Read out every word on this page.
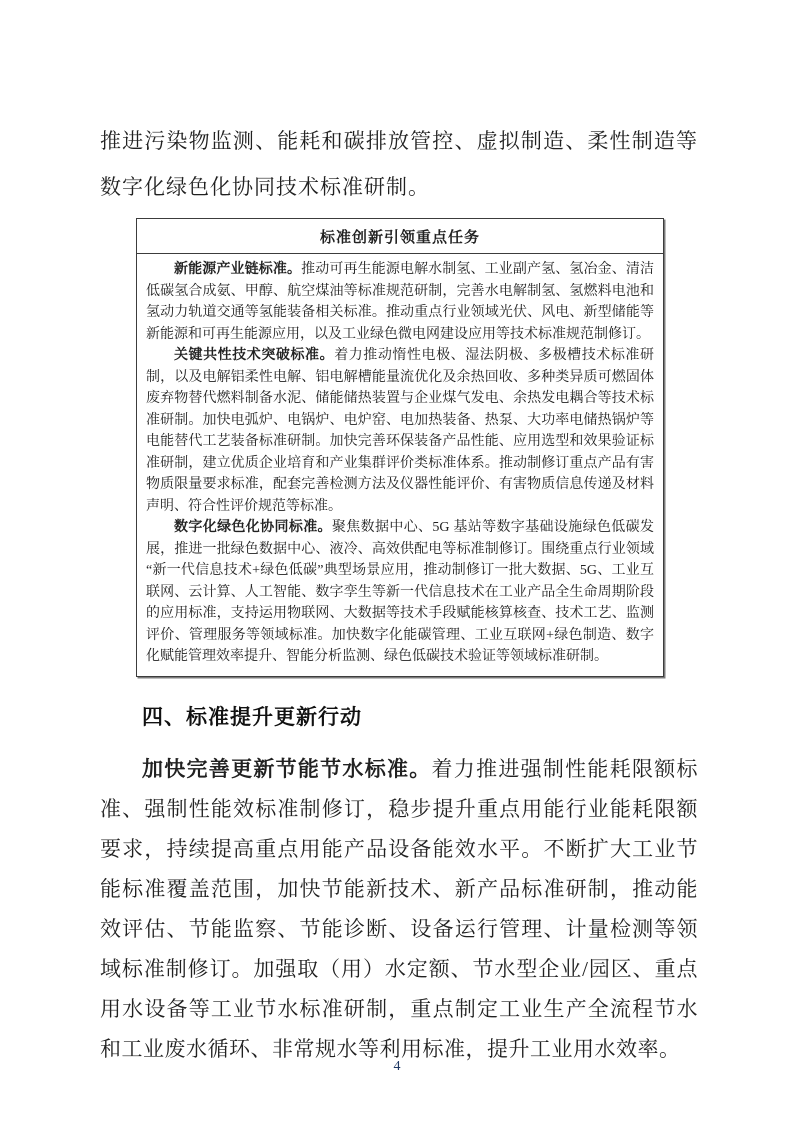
推进污染物监测、能耗和碳排放管控、虚拟制造、柔性制造等数字化绿色化协同技术标准研制。

标准创新引领重点任务

新能源产业链标准。推动可再生能源电解水制氢、工业副产氢、氢冶金、清洁低碳氢合成氨、甲醇、航空煤油等标准规范研制，完善水电解制氢、氢燃料电池和氢动力轨道交通等氢能装备相关标准。推动重点行业领域光伏、风电、新型储能等新能源和可再生能源应用，以及工业绿色微电网建设应用等技术标准规范制修订。

关键共性技术突破标准。着力推动惰性电极、湿法阴极、多极槽技术标准研制，以及电解铝柔性电解、铝电解槽能量流优化及余热回收、多种类异质可燃固体废弃物替代燃料制备水泥、储能储热装置与企业煤气发电、余热发电耦合等技术标准研制。加快电弧炉、电锅炉、电炉窑、电加热装备、热泵、大功率电储热锅炉等电能替代工艺装备标准研制。加快完善环保装备产品性能、应用选型和效果验证标准研制，建立优质企业培育和产业集群评价类标准体系。推动制修订重点产品有害物质限量要求标准，配套完善检测方法及仪器性能评价、有害物质信息传递及材料声明、符合性评价规范等标准。

数字化绿色化协同标准。聚焦数据中心、5G 基站等数字基础设施绿色低碳发展，推进一批绿色数据中心、液冷、高效供配电等标准制修订。围绕重点行业领域“新一代信息技术+绿色低碳”典型场景应用，推动制修订一批大数据、5G、工业互联网、云计算、人工智能、数字孪生等新一代信息技术在工业产品全生命周期阶段的应用标准，支持运用物联网、大数据等技术手段赋能核算核查、技术工艺、监测评价、管理服务等领域标准。加快数字化能碳管理、工业互联网+绿色制造、数字化赋能管理效率提升、智能分析监测、绿色低碳技术验证等领域标准研制。

四、标准提升更新行动

加快完善更新节能节水标准。着力推进强制性能耗限额标准、强制性能效标准制修订，稳步提升重点用能行业能耗限额要求，持续提高重点用能产品设备能效水平。不断扩大工业节能标准覆盖范围，加快节能新技术、新产品标准研制，推动能效评估、节能监察、节能诊断、设备运行管理、计量检测等领域标准制修订。加强取（用）水定额、节水型企业/园区、重点用水设备等工业节水标准研制，重点制定工业生产全流程节水和工业废水循环、非常规水等利用标准，提升工业用水效率。

4
